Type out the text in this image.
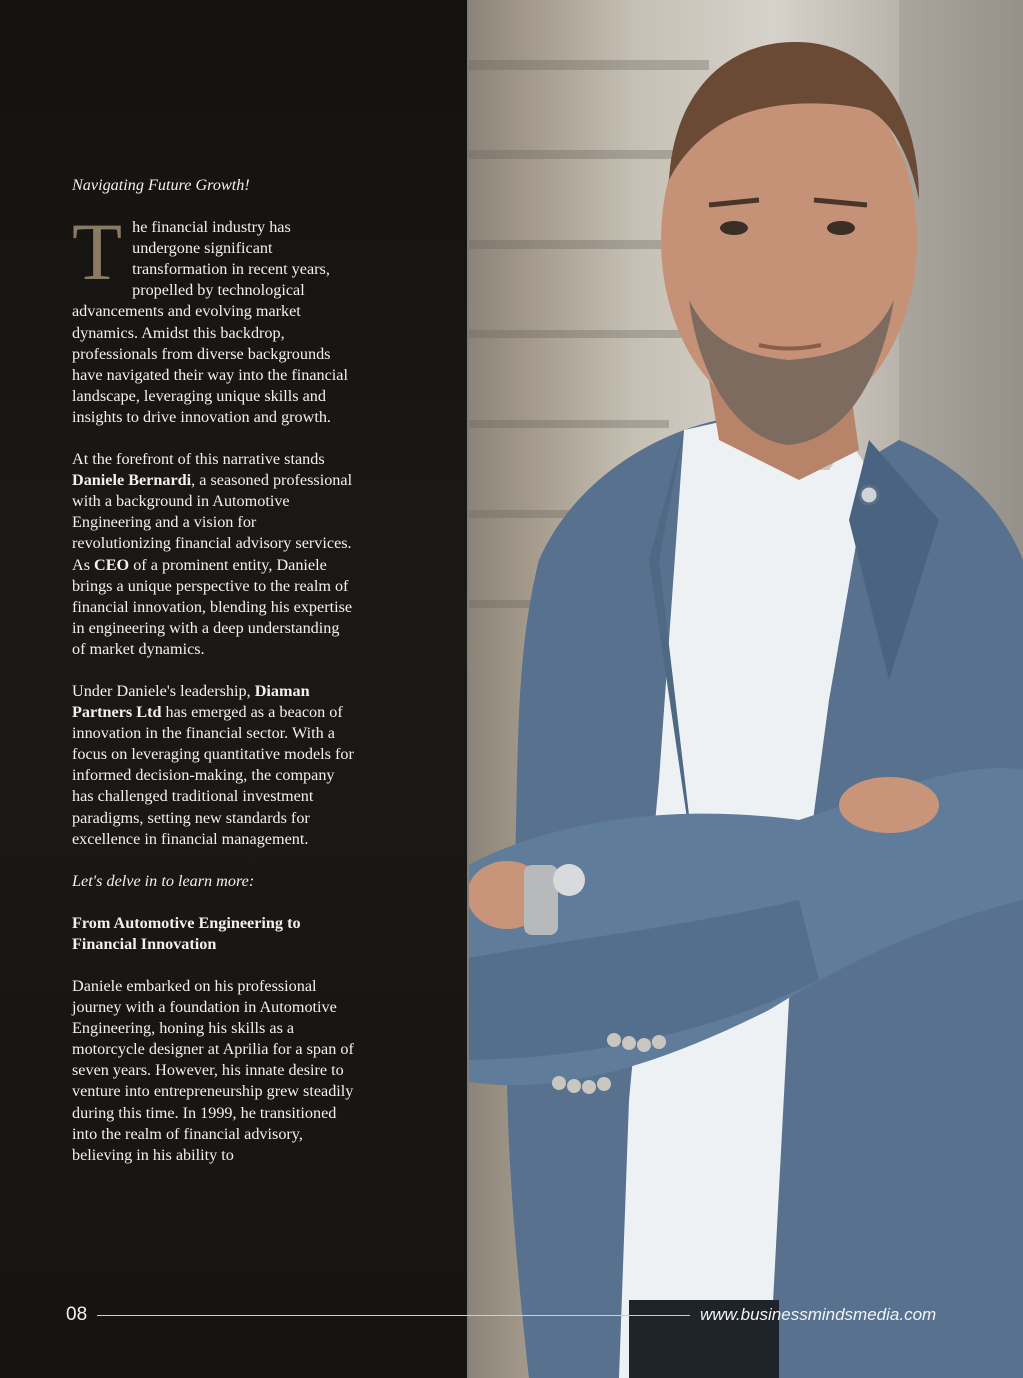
Navigating Future Growth!

The financial industry has undergone significant transformation in recent years, propelled by technological advancements and evolving market dynamics. Amidst this backdrop, professionals from diverse backgrounds have navigated their way into the financial landscape, leveraging unique skills and insights to drive innovation and growth.

At the forefront of this narrative stands Daniele Bernardi, a seasoned professional with a background in Automotive Engineering and a vision for revolutionizing financial advisory services. As CEO of a prominent entity, Daniele brings a unique perspective to the realm of financial innovation, blending his expertise in engineering with a deep understanding of market dynamics.

Under Daniele's leadership, Diaman Partners Ltd has emerged as a beacon of innovation in the financial sector. With a focus on leveraging quantitative models for informed decision-making, the company has challenged traditional investment paradigms, setting new standards for excellence in financial management.

Let's delve in to learn more:

From Automotive Engineering to Financial Innovation

Daniele embarked on his professional journey with a foundation in Automotive Engineering, honing his skills as a motorcycle designer at Aprilia for a span of seven years. However, his innate desire to venture into entrepreneurship grew steadily during this time. In 1999, he transitioned into the realm of financial advisory, believing in his ability to

08	www.businessmindsmedia.com
